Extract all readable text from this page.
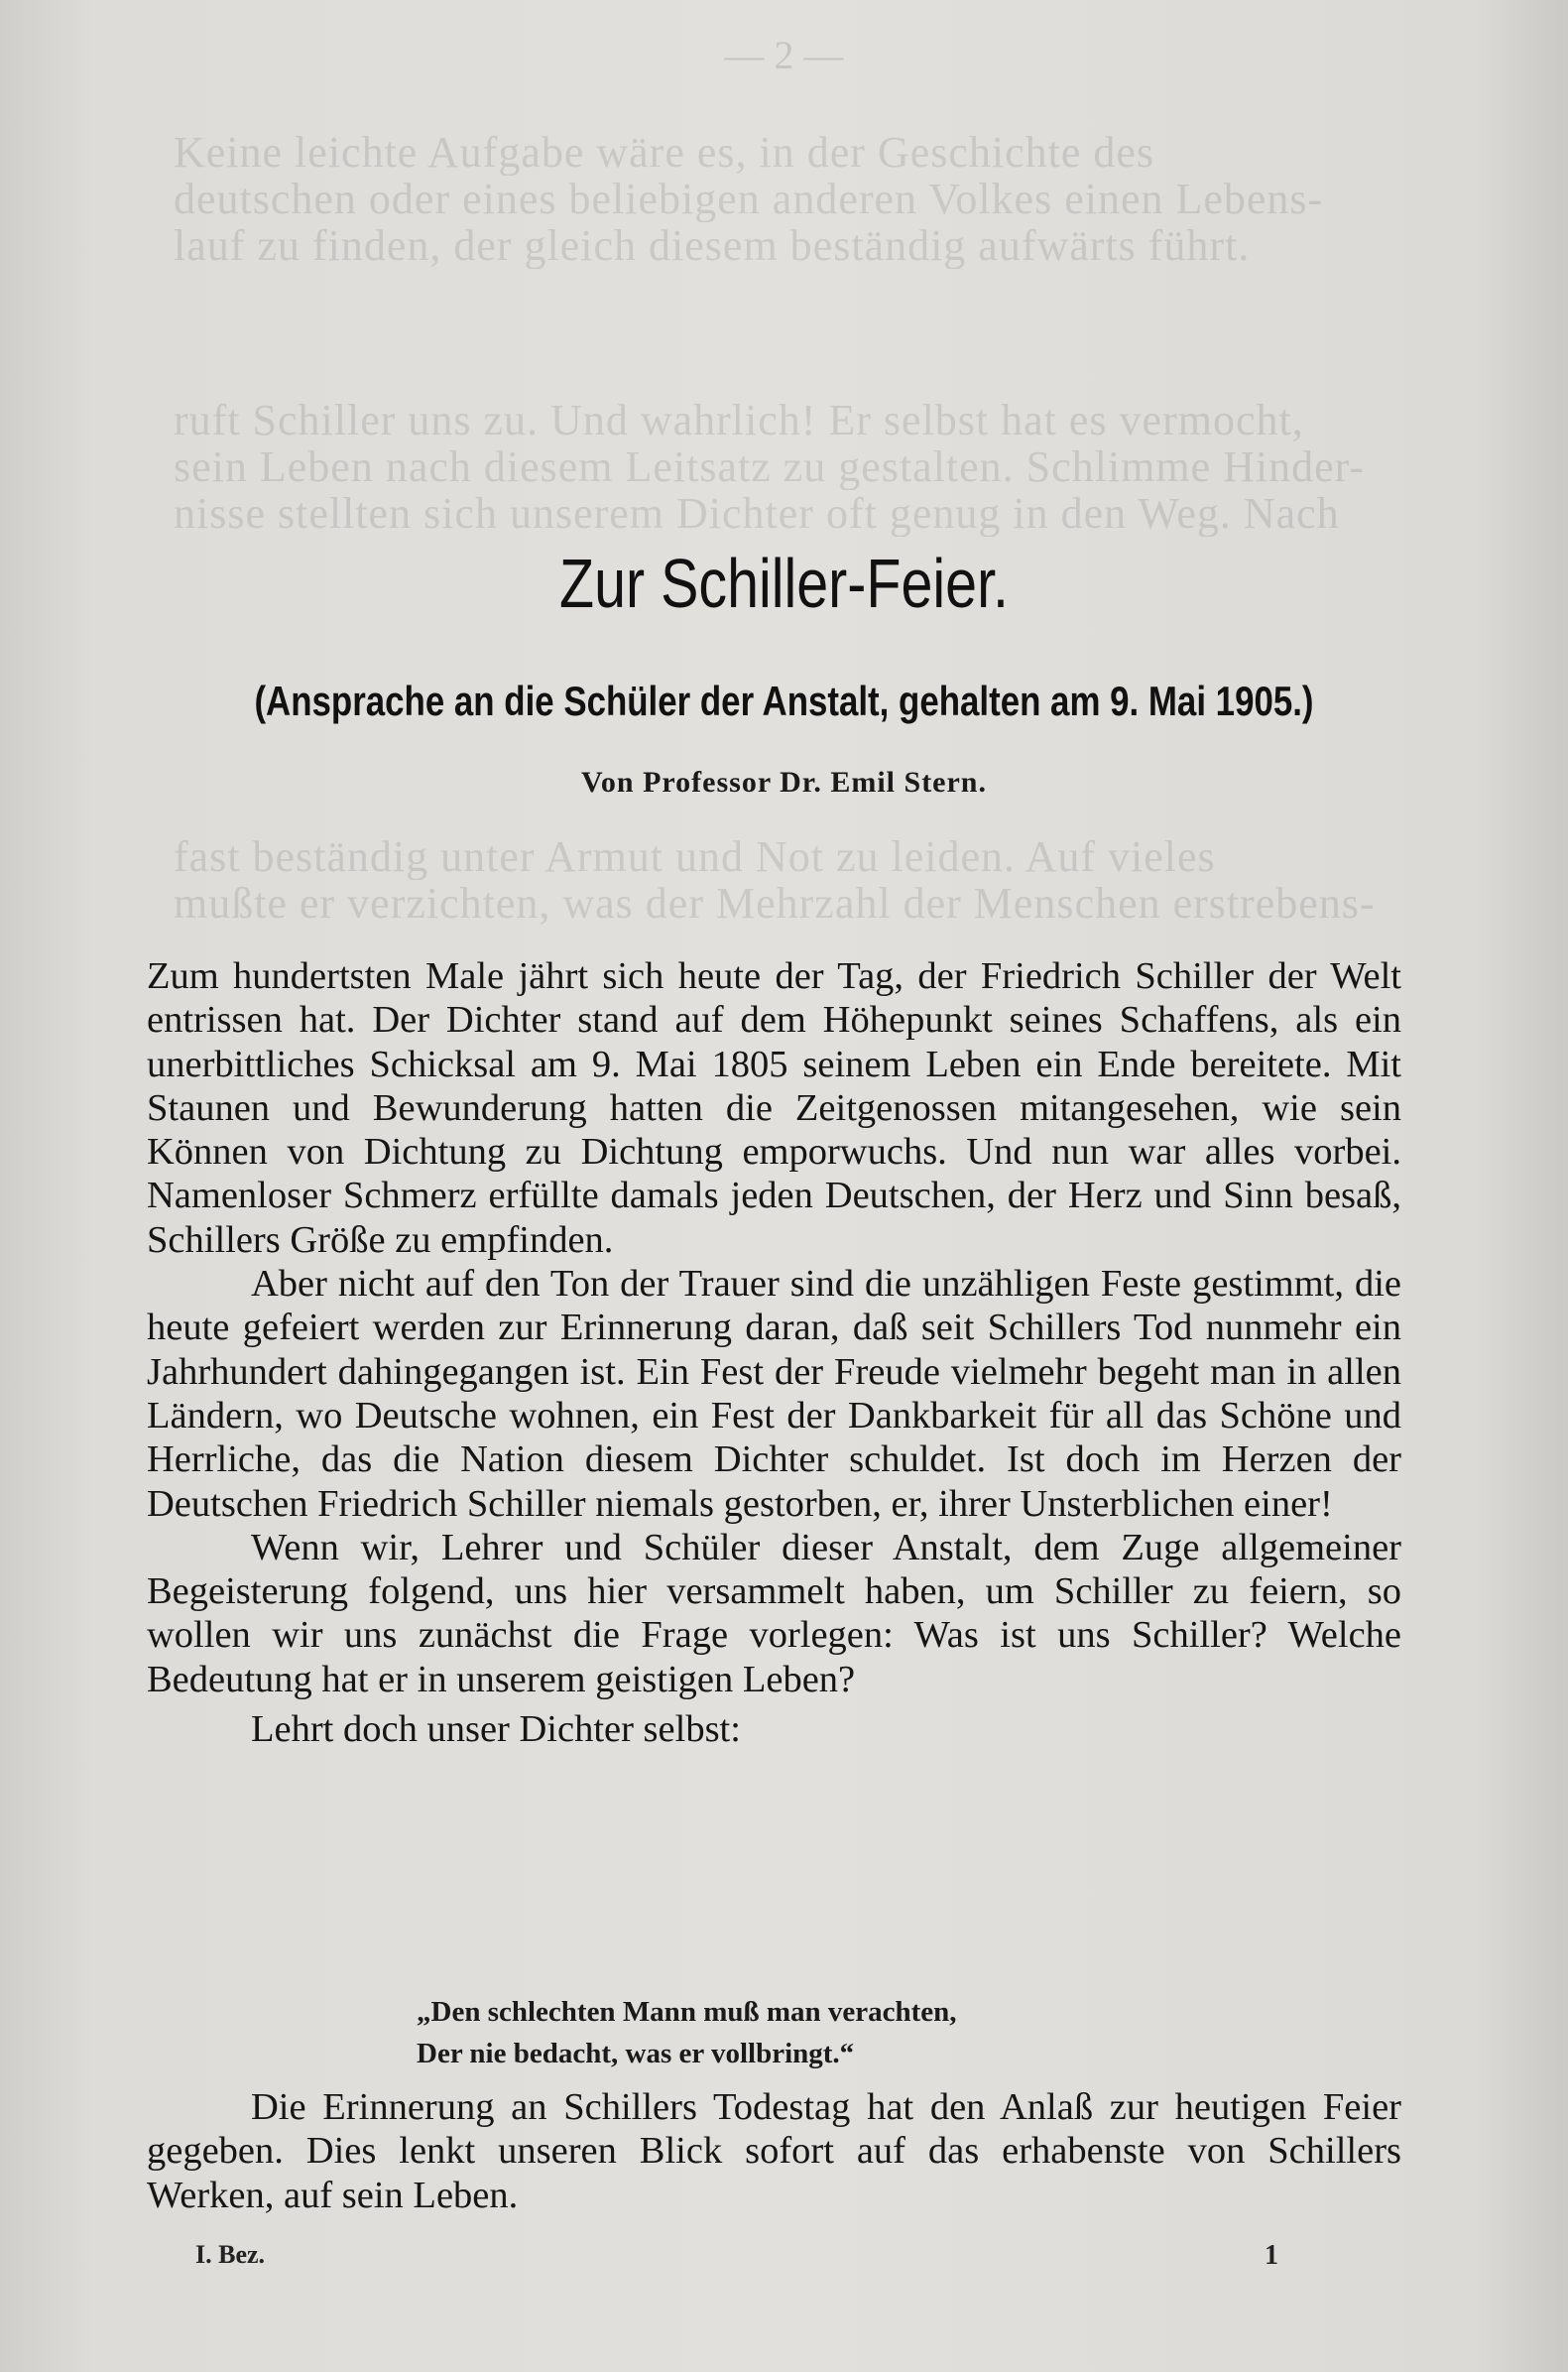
— 2 —
Keine leichte Aufgabe wäre es, in der Geschichte des
deutschen oder eines beliebigen anderen Volkes einen Lebens-
lauf zu finden, der gleich diesem beständig aufwärts führt.
ruft Schiller uns zu. Und wahrlich! Er selbst hat es vermocht,
sein Leben nach diesem Leitsatz zu gestalten. Schlimme Hinder-
nisse stellten sich unserem Dichter oft genug in den Weg. Nach
fast beständig unter Armut und Not zu leiden. Auf vieles
mußte er verzichten, was der Mehrzahl der Menschen erstrebens-
Zur Schiller-Feier.
(Ansprache an die Schüler der Anstalt, gehalten am 9. Mai 1905.)
Von Professor Dr. Emil Stern.

Zum hundertsten Male jährt sich heute der Tag, der Friedrich Schiller der Welt entrissen hat. Der Dichter stand auf dem Höhepunkt seines Schaffens, als ein unerbittliches Schicksal am 9. Mai 1805 seinem Leben ein Ende bereitete. Mit Staunen und Bewunderung hatten die Zeitgenossen mitangesehen, wie sein Können von Dichtung zu Dichtung emporwuchs. Und nun war alles vorbei. Namenloser Schmerz erfüllte damals jeden Deutschen, der Herz und Sinn besaß, Schillers Größe zu empfinden.

Aber nicht auf den Ton der Trauer sind die unzähligen Feste gestimmt, die heute gefeiert werden zur Erinnerung daran, daß seit Schillers Tod nunmehr ein Jahrhundert dahingegangen ist. Ein Fest der Freude vielmehr begeht man in allen Ländern, wo Deutsche wohnen, ein Fest der Dankbarkeit für all das Schöne und Herrliche, das die Nation diesem Dichter schuldet. Ist doch im Herzen der Deutschen Friedrich Schiller niemals gestorben, er, ihrer Unsterblichen einer!

Wenn wir, Lehrer und Schüler dieser Anstalt, dem Zuge allgemeiner Begeisterung folgend, uns hier versammelt haben, um Schiller zu feiern, so wollen wir uns zunächst die Frage vorlegen: Was ist uns Schiller? Welche Bedeutung hat er in unserem geistigen Leben?

Lehrt doch unser Dichter selbst:

„Den schlechten Mann muß man verachten,
Der nie bedacht, was er vollbringt.“

Die Erinnerung an Schillers Todestag hat den Anlaß zur heutigen Feier gegeben. Dies lenkt unseren Blick sofort auf das erhabenste von Schillers Werken, auf sein Leben.

I. Bez.	1
